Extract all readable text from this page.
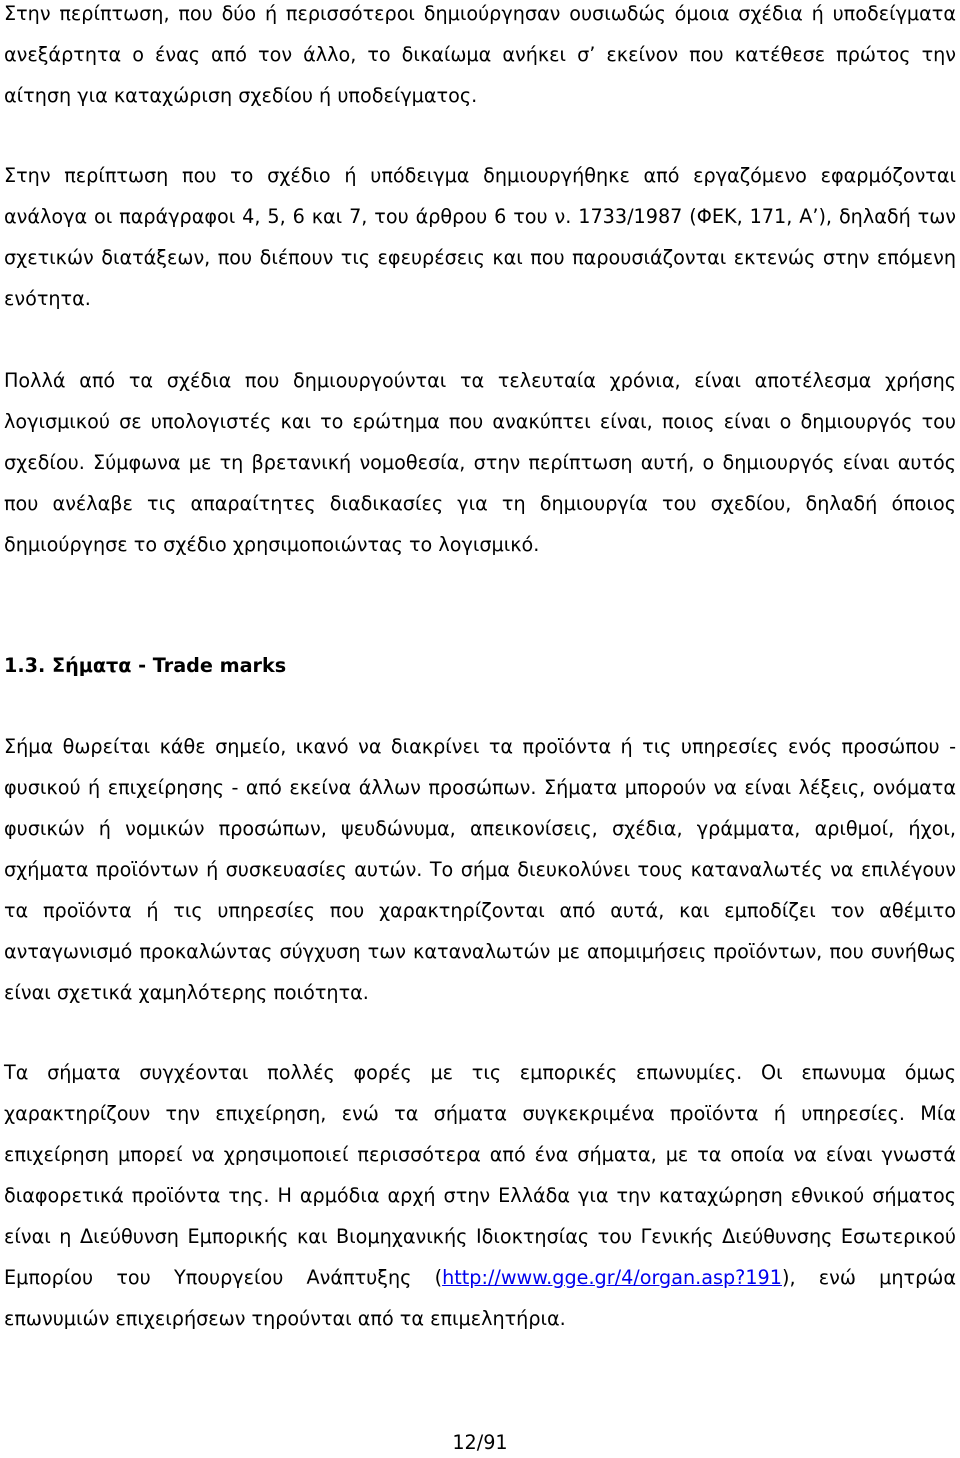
Στην περίπτωση, που δύο ή περισσότεροι δημιούργησαν ουσιωδώς όμοια σχέδια ή υποδείγματα ανεξάρτητα ο ένας από τον άλλο, το δικαίωμα ανήκει σ’ εκείνον που κατέθεσε πρώτος την αίτηση για καταχώριση σχεδίου ή υποδείγματος.

Στην περίπτωση που το σχέδιο ή υπόδειγμα δημιουργήθηκε από εργαζόμενο εφαρμόζονται ανάλογα οι παράγραφοι 4, 5, 6 και 7, του άρθρου 6 του ν. 1733/1987 (ΦΕΚ, 171, Α’), δηλαδή των σχετικών διατάξεων, που διέπουν τις εφευρέσεις και που παρουσιάζονται εκτενώς στην επόμενη ενότητα.

Πολλά από τα σχέδια που δημιουργούνται τα τελευταία χρόνια, είναι αποτέλεσμα χρήσης λογισμικού σε υπολογιστές και το ερώτημα που ανακύπτει είναι, ποιος είναι ο δημιουργός του σχεδίου. Σύμφωνα με τη βρετανική νομοθεσία, στην περίπτωση αυτή, ο δημιουργός είναι αυτός που ανέλαβε τις απαραίτητες διαδικασίες για τη δημιουργία του σχεδίου, δηλαδή όποιος δημιούργησε το σχέδιο χρησιμοποιώντας το λογισμικό.

1.3. Σήματα - Trade marks

Σήμα θωρείται κάθε σημείο, ικανό να διακρίνει τα προϊόντα ή τις υπηρεσίες ενός προσώπου - φυσικού ή επιχείρησης - από εκείνα άλλων προσώπων. Σήματα μπορούν να είναι λέξεις, ονόματα φυσικών ή νομικών προσώπων, ψευδώνυμα, απεικονίσεις, σχέδια, γράμματα, αριθμοί, ήχοι, σχήματα προϊόντων ή συσκευασίες αυτών. Το σήμα διευκολύνει τους καταναλωτές να επιλέγουν τα προϊόντα ή τις υπηρεσίες που χαρακτηρίζονται από αυτά, και εμποδίζει τον αθέμιτο ανταγωνισμό προκαλώντας σύγχυση των καταναλωτών με απομιμήσεις προϊόντων, που συνήθως είναι σχετικά χαμηλότερης ποιότητα.

Τα σήματα συγχέονται πολλές φορές με τις εμπορικές επωνυμίες. Οι επωνυμα όμως χαρακτηρίζουν την επιχείρηση, ενώ τα σήματα συγκεκριμένα προϊόντα ή υπηρεσίες. Μία επιχείρηση μπορεί να χρησιμοποιεί περισσότερα από ένα σήματα, με τα οποία να είναι γνωστά διαφορετικά προϊόντα της. Η αρμόδια αρχή στην Ελλάδα για την καταχώρηση εθνικού σήματος είναι η Διεύθυνση Εμπορικής και Βιομηχανικής Ιδιοκτησίας του Γενικής Διεύθυνσης Εσωτερικού Εμπορίου του Υπουργείου Ανάπτυξης (http://www.gge.gr/4/organ.asp?191), ενώ μητρώα επωνυμιών επιχειρήσεων τηρούνται από τα επιμελητήρια.

12/91
